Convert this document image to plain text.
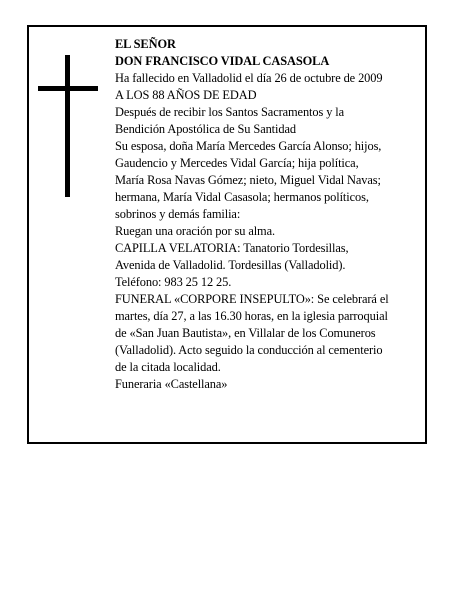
EL SEÑOR
DON FRANCISCO VIDAL CASASOLA
Ha fallecido en Valladolid el día 26 de octubre de 2009
A LOS 88 AÑOS DE EDAD
Después de recibir los Santos Sacramentos y la
Bendición Apostólica de Su Santidad
Su esposa, doña María Mercedes García Alonso; hijos,
Gaudencio y Mercedes Vidal García; hija política,
María Rosa Navas Gómez; nieto, Miguel Vidal Navas;
hermana, María Vidal Casasola; hermanos políticos,
sobrinos y demás familia:
Ruegan una oración por su alma.
CAPILLA VELATORIA: Tanatorio Tordesillas,
Avenida de Valladolid. Tordesillas (Valladolid).
Teléfono: 983 25 12 25.
FUNERAL «CORPORE INSEPULTO»: Se celebrará el
martes, día 27, a las 16.30 horas, en la iglesia parroquial
de «San Juan Bautista», en Villalar de los Comuneros
(Valladolid). Acto seguido la conducción al cementerio
de la citada localidad.
Funeraria «Castellana»
